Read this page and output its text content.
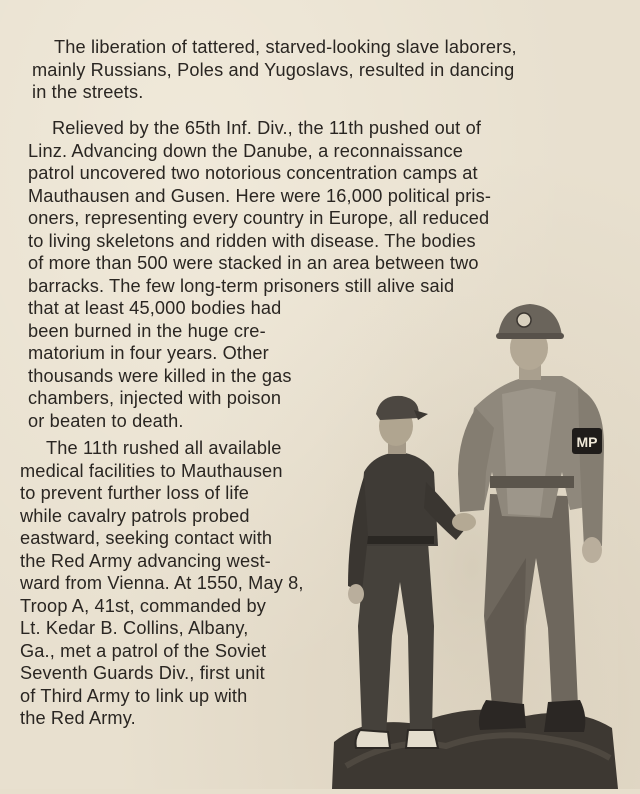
The liberation of tattered, starved-looking slave laborers,
mainly Russians, Poles and Yugoslavs, resulted in dancing
in the streets.
Relieved by the 65th Inf. Div., the 11th pushed out of
Linz. Advancing down the Danube, a reconnaissance
patrol uncovered two notorious concentration camps at
Mauthausen and Gusen. Here were 16,000 political pris-
oners, representing every country in Europe, all reduced
to living skeletons and ridden with disease. The bodies
of more than 500 were stacked in an area between two
barracks. The few long-term prisoners still alive said
that at least 45,000 bodies had
been burned in the huge cre-
matorium in four years. Other
thousands were killed in the gas
chambers, injected with poison
or beaten to death.
The 11th rushed all available
medical facilities to Mauthausen
to prevent further loss of life
while cavalry patrols probed
eastward, seeking contact with
the Red Army advancing west-
ward from Vienna. At 1550, May 8,
Troop A, 41st, commanded by
Lt. Kedar B. Collins, Albany,
Ga., met a patrol of the Soviet
Seventh Guards Div., first unit
of Third Army to link up with
the Red Army.
MP
